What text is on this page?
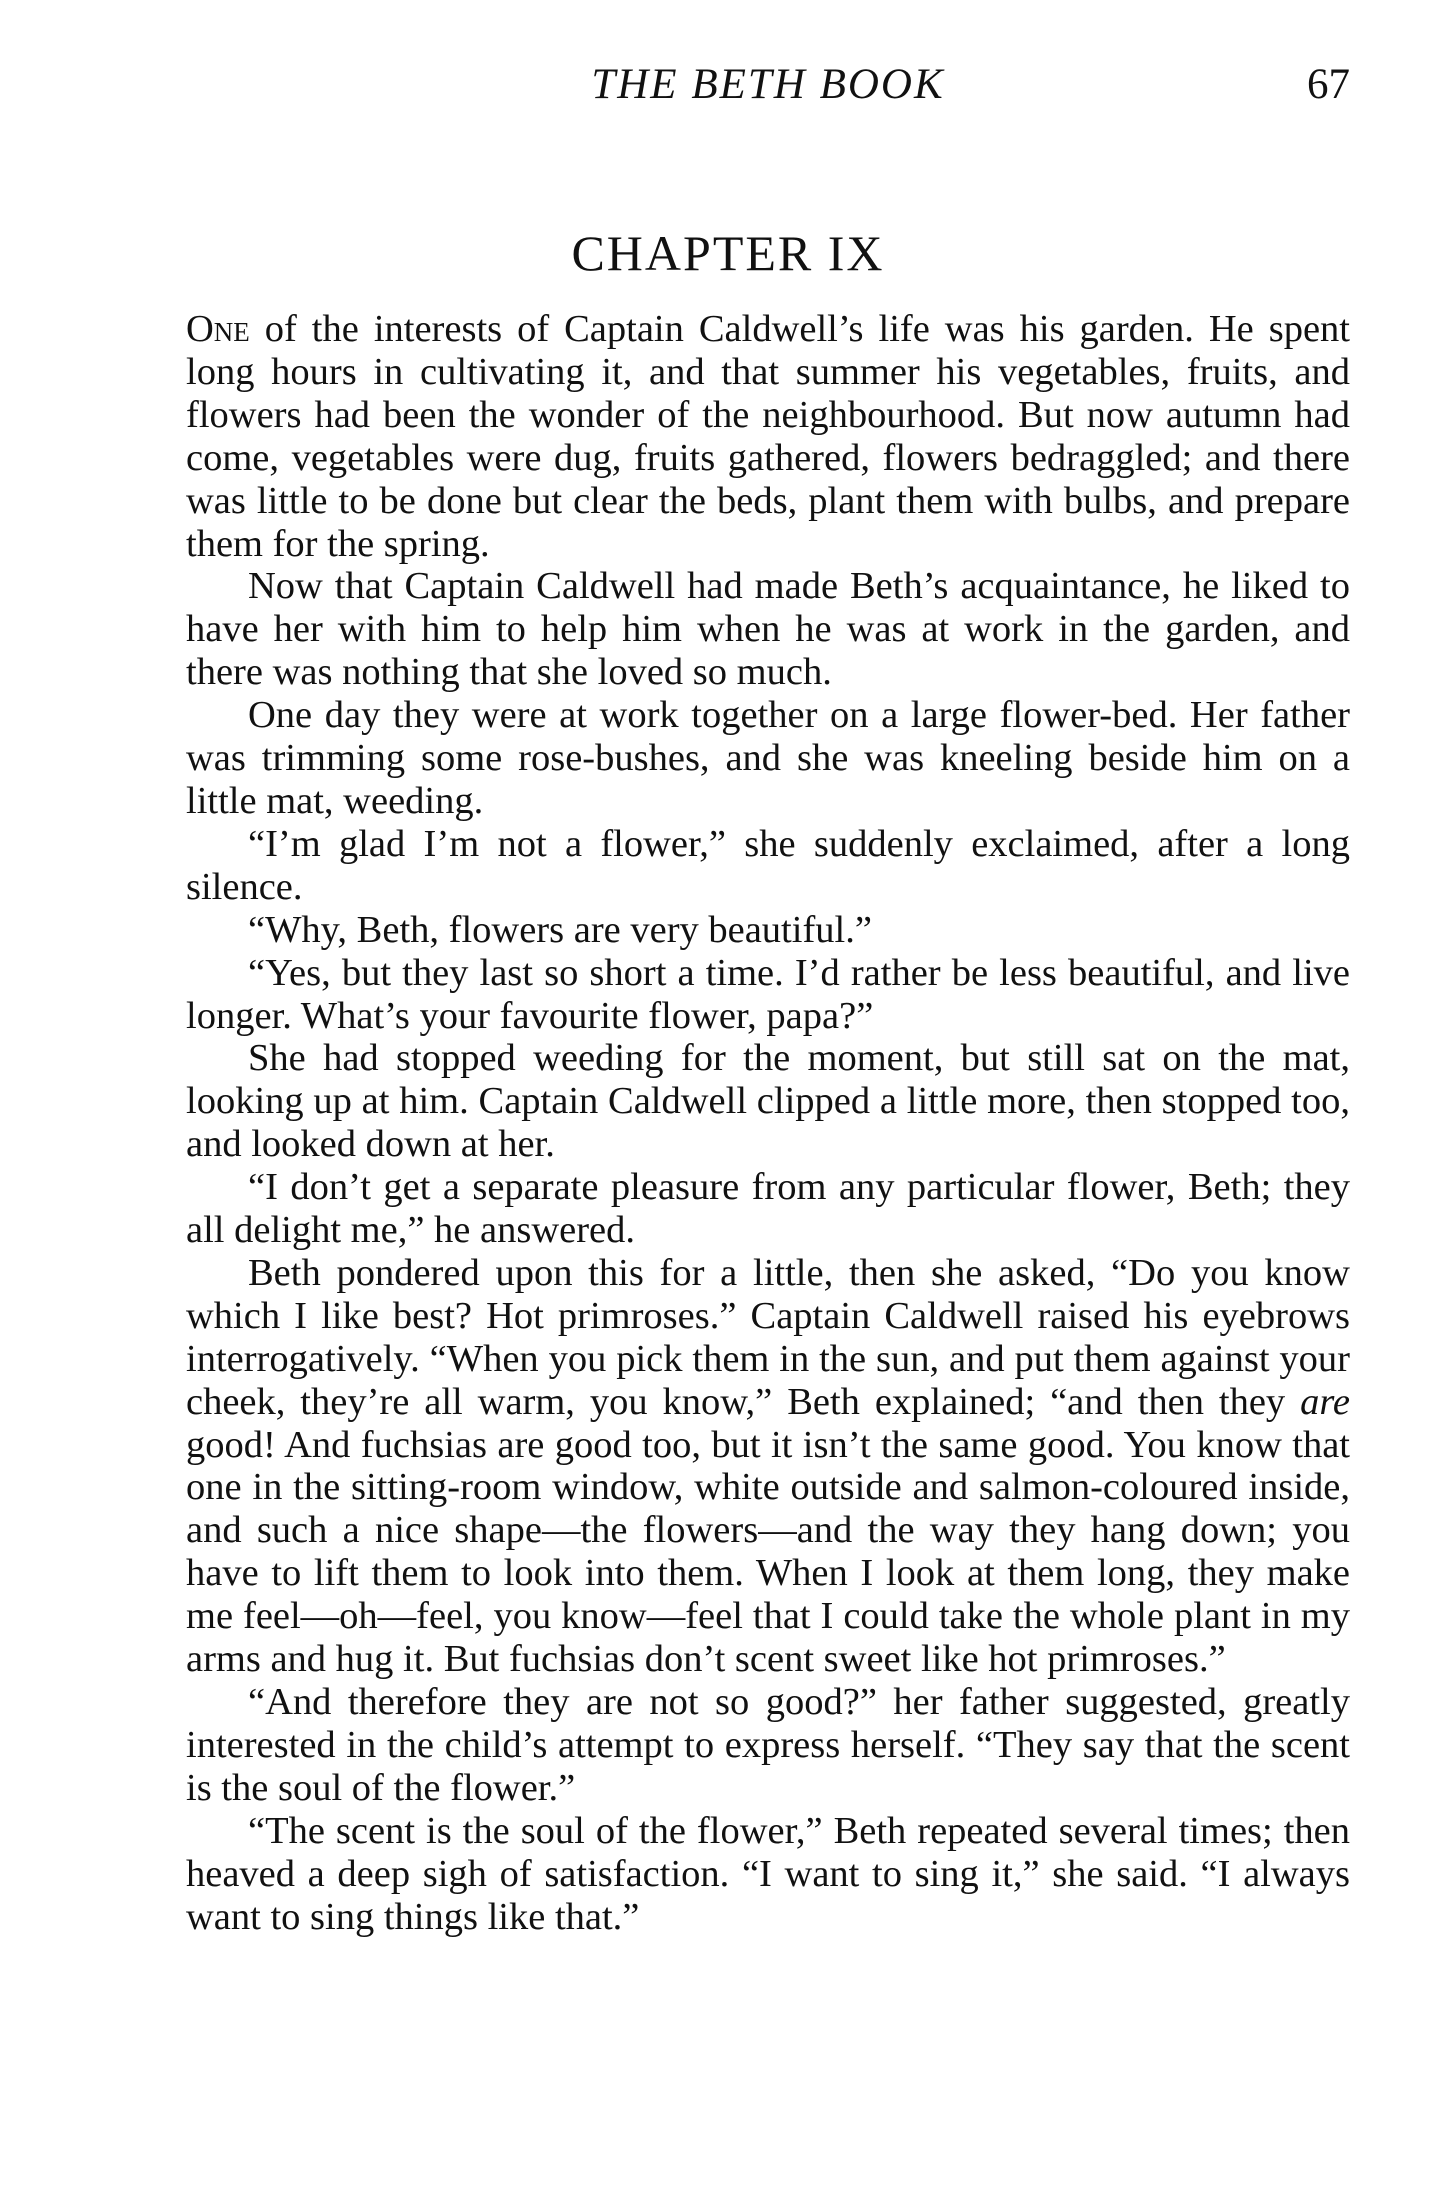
THE BETH BOOK	67
CHAPTER IX

One of the interests of Captain Caldwell’s life was his garden. He spent long hours in cultivating it, and that summer his vegetables, fruits, and flowers had been the wonder of the neighbourhood. But now autumn had come, vegetables were dug, fruits gathered, flowers bedraggled; and there was little to be done but clear the beds, plant them with bulbs, and prepare them for the spring.

Now that Captain Caldwell had made Beth’s acquaintance, he liked to have her with him to help him when he was at work in the garden, and there was nothing that she loved so much.

One day they were at work together on a large flower-bed. Her father was trimming some rose-bushes, and she was kneeling beside him on a little mat, weeding.

“I’m glad I’m not a flower,” she suddenly exclaimed, after a long silence.

“Why, Beth, flowers are very beautiful.”

“Yes, but they last so short a time. I’d rather be less beautiful, and live longer. What’s your favourite flower, papa?”

She had stopped weeding for the moment, but still sat on the mat, looking up at him. Captain Caldwell clipped a little more, then stopped too, and looked down at her.

“I don’t get a separate pleasure from any particular flower, Beth; they all delight me,” he answered.

Beth pondered upon this for a little, then she asked, “Do you know which I like best? Hot primroses.” Captain Caldwell raised his eyebrows interrogatively. “When you pick them in the sun, and put them against your cheek, they’re all warm, you know,” Beth explained; “and then they are good! And fuchsias are good too, but it isn’t the same good. You know that one in the sitting-room window, white outside and salmon-coloured inside, and such a nice shape—the flowers—and the way they hang down; you have to lift them to look into them. When I look at them long, they make me feel—oh—feel, you know—feel that I could take the whole plant in my arms and hug it. But fuchsias don’t scent sweet like hot primroses.”

“And therefore they are not so good?” her father suggested, greatly interested in the child’s attempt to express herself. “They say that the scent is the soul of the flower.”

“The scent is the soul of the flower,” Beth repeated several times; then heaved a deep sigh of satisfaction. “I want to sing it,” she said. “I always want to sing things like that.”
